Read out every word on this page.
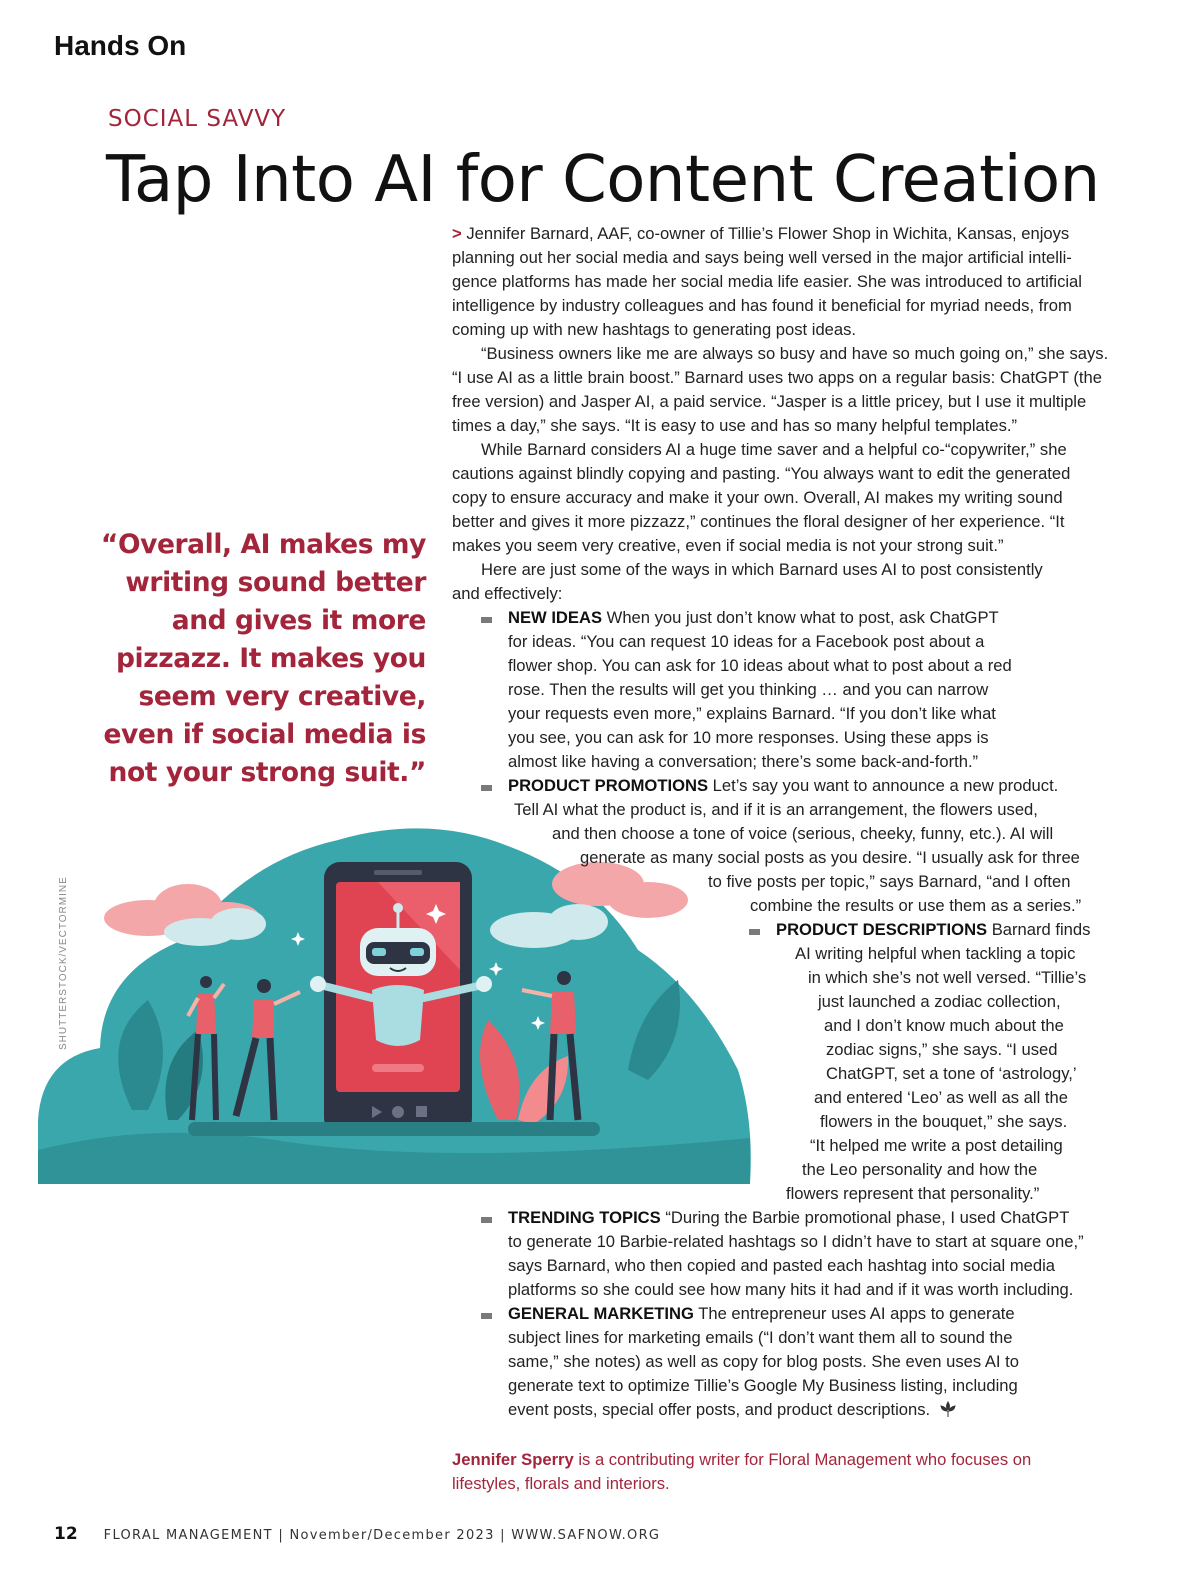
Hands On
SOCIAL SAVVY
Tap Into AI for Content Creation
“Overall, AI makes my
writing sound better
and gives it more
pizzazz. It makes you
seem very creative,
even if social media is
not your strong suit.”
SHUTTERSTOCK/VECTORMINE
> Jennifer Barnard, AAF, co-owner of Tillie’s Flower Shop in Wichita, Kansas, enjoys
planning out her social media and says being well versed in the major artificial intelli-
gence platforms has made her social media life easier. She was introduced to artificial
intelligence by industry colleagues and has found it beneficial for myriad needs, from
coming up with new hashtags to generating post ideas.
“Business owners like me are always so busy and have so much going on,” she says.
“I use AI as a little brain boost.” Barnard uses two apps on a regular basis: ChatGPT (the
free version) and Jasper AI, a paid service. “Jasper is a little pricey, but I use it multiple
times a day,” she says. “It is easy to use and has so many helpful templates.”
While Barnard considers AI a huge time saver and a helpful co-“copywriter,” she
cautions against blindly copying and pasting. “You always want to edit the generated
copy to ensure accuracy and make it your own. Overall, AI makes my writing sound
better and gives it more pizzazz,” continues the floral designer of her experience. “It
makes you seem very creative, even if social media is not your strong suit.”
Here are just some of the ways in which Barnard uses AI to post consistently
and effectively:
NEW IDEAS When you just don’t know what to post, ask ChatGPT
for ideas. “You can request 10 ideas for a Facebook post about a
flower shop. You can ask for 10 ideas about what to post about a red
rose. Then the results will get you thinking … and you can narrow
your requests even more,” explains Barnard. “If you don’t like what
you see, you can ask for 10 more responses. Using these apps is
almost like having a conversation; there’s some back-and-forth.”
PRODUCT PROMOTIONS Let’s say you want to announce a new product.
Tell AI what the product is, and if it is an arrangement, the flowers used,
and then choose a tone of voice (serious, cheeky, funny, etc.). AI will
generate as many social posts as you desire. “I usually ask for three
to five posts per topic,” says Barnard, “and I often
combine the results or use them as a series.”
PRODUCT DESCRIPTIONS Barnard finds
AI writing helpful when tackling a topic
in which she’s not well versed. “Tillie’s
just launched a zodiac collection,
and I don’t know much about the
zodiac signs,” she says. “I used
ChatGPT, set a tone of ‘astrology,’
and entered ‘Leo’ as well as all the
flowers in the bouquet,” she says.
“It helped me write a post detailing
the Leo personality and how the
flowers represent that personality.”
TRENDING TOPICS “During the Barbie promotional phase, I used ChatGPT
to generate 10 Barbie-related hashtags so I didn’t have to start at square one,”
says Barnard, who then copied and pasted each hashtag into social media
platforms so she could see how many hits it had and if it was worth including.
GENERAL MARKETING The entrepreneur uses AI apps to generate
subject lines for marketing emails (“I don’t want them all to sound the
same,” she notes) as well as copy for blog posts. She even uses AI to
generate text to optimize Tillie’s Google My Business listing, including
event posts, special offer posts, and product descriptions.
Jennifer Sperry is a contributing writer for Floral Management who focuses on lifestyles, florals and interiors.
12 FLORAL MANAGEMENT | November/December 2023 | WWW.SAFNOW.ORG
